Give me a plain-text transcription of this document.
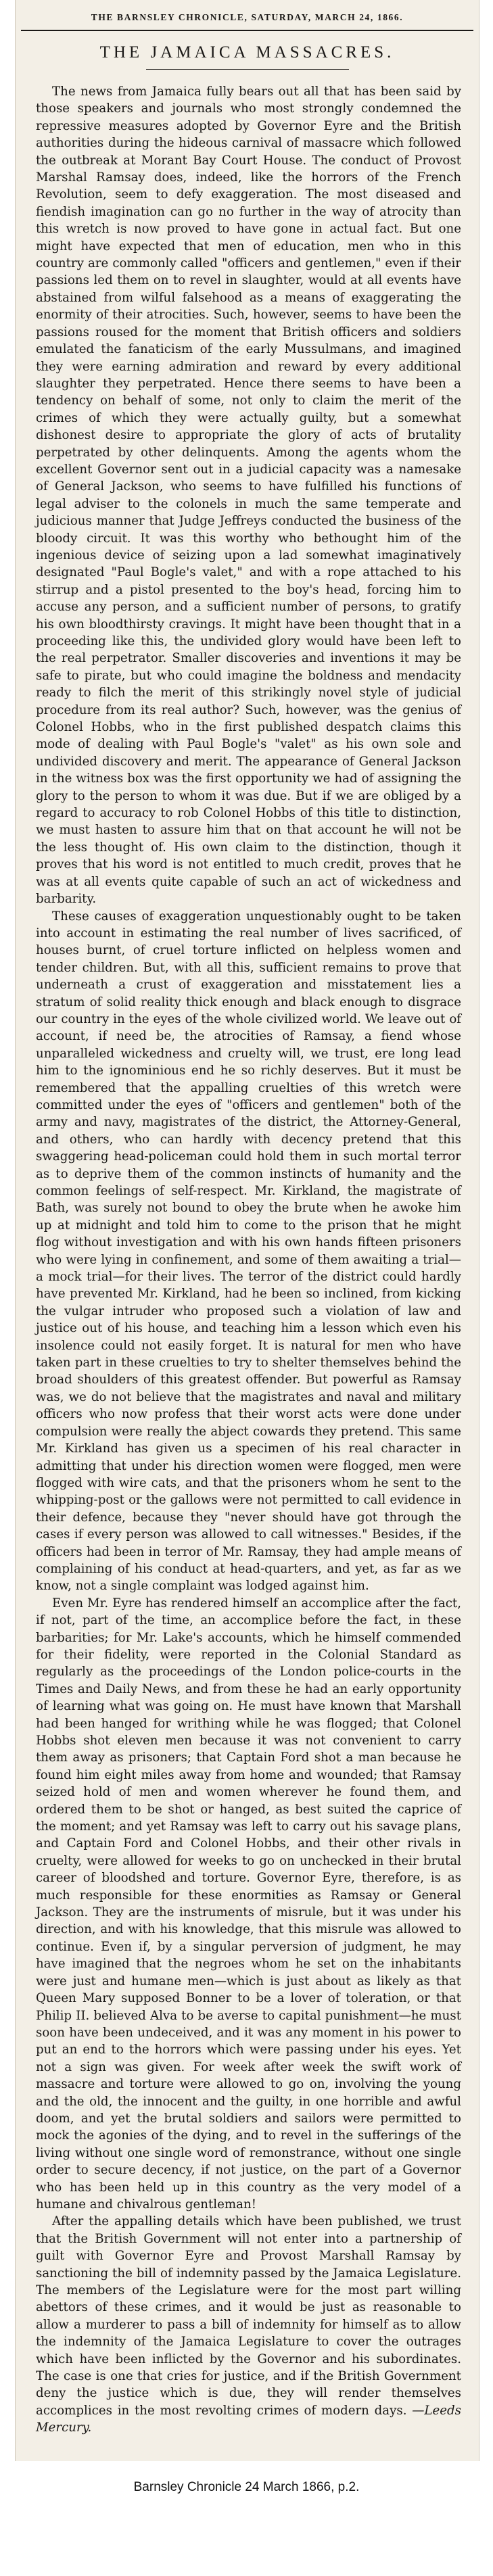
THE BARNSLEY CHRONICLE, SATURDAY, MARCH 24, 1866.
THE JAMAICA MASSACRES.

The news from Jamaica fully bears out all that has been said by those speakers and journals who most strongly condemned the repressive measures adopted by Governor Eyre and the British authorities during the hideous carnival of massacre which followed the outbreak at Morant Bay Court House. The conduct of Provost Marshal Ramsay does, indeed, like the horrors of the French Revolution, seem to defy exaggeration. The most diseased and fiendish imagination can go no further in the way of atrocity than this wretch is now proved to have gone in actual fact. But one might have expected that men of education, men who in this country are commonly called "officers and gentlemen," even if their passions led them on to revel in slaughter, would at all events have abstained from wilful falsehood as a means of exaggerating the enormity of their atrocities. Such, however, seems to have been the passions roused for the moment that British officers and soldiers emulated the fanaticism of the early Mussulmans, and imagined they were earning admiration and reward by every additional slaughter they perpetrated. Hence there seems to have been a tendency on behalf of some, not only to claim the merit of the crimes of which they were actually guilty, but a somewhat dishonest desire to appropriate the glory of acts of brutality perpetrated by other delinquents. Among the agents whom the excellent Governor sent out in a judicial capacity was a namesake of General Jackson, who seems to have fulfilled his functions of legal adviser to the colonels in much the same temperate and judicious manner that Judge Jeffreys conducted the business of the bloody circuit. It was this worthy who bethought him of the ingenious device of seizing upon a lad somewhat imaginatively designated "Paul Bogle's valet," and with a rope attached to his stirrup and a pistol presented to the boy's head, forcing him to accuse any person, and a sufficient number of persons, to gratify his own bloodthirsty cravings. It might have been thought that in a proceeding like this, the undivided glory would have been left to the real perpetrator. Smaller discoveries and inventions it may be safe to pirate, but who could imagine the boldness and mendacity ready to filch the merit of this strikingly novel style of judicial procedure from its real author? Such, however, was the genius of Colonel Hobbs, who in the first published despatch claims this mode of dealing with Paul Bogle's "valet" as his own sole and undivided discovery and merit. The appearance of General Jackson in the witness box was the first opportunity we had of assigning the glory to the person to whom it was due. But if we are obliged by a regard to accuracy to rob Colonel Hobbs of this title to distinction, we must hasten to assure him that on that account he will not be the less thought of. His own claim to the distinction, though it proves that his word is not entitled to much credit, proves that he was at all events quite capable of such an act of wickedness and barbarity.

These causes of exaggeration unquestionably ought to be taken into account in estimating the real number of lives sacrificed, of houses burnt, of cruel torture inflicted on helpless women and tender children. But, with all this, sufficient remains to prove that underneath a crust of exaggeration and misstatement lies a stratum of solid reality thick enough and black enough to disgrace our country in the eyes of the whole civilized world. We leave out of account, if need be, the atrocities of Ramsay, a fiend whose unparalleled wickedness and cruelty will, we trust, ere long lead him to the ignominious end he so richly deserves. But it must be remembered that the appalling cruelties of this wretch were committed under the eyes of "officers and gentlemen" both of the army and navy, magistrates of the district, the Attorney-General, and others, who can hardly with decency pretend that this swaggering head-policeman could hold them in such mortal terror as to deprive them of the common instincts of humanity and the common feelings of self-respect. Mr. Kirkland, the magistrate of Bath, was surely not bound to obey the brute when he awoke him up at midnight and told him to come to the prison that he might flog without investigation and with his own hands fifteen prisoners who were lying in confinement, and some of them awaiting a trial—a mock trial—for their lives. The terror of the district could hardly have prevented Mr. Kirkland, had he been so inclined, from kicking the vulgar intruder who proposed such a violation of law and justice out of his house, and teaching him a lesson which even his insolence could not easily forget. It is natural for men who have taken part in these cruelties to try to shelter themselves behind the broad shoulders of this greatest offender. But powerful as Ramsay was, we do not believe that the magistrates and naval and military officers who now profess that their worst acts were done under compulsion were really the abject cowards they pretend. This same Mr. Kirkland has given us a specimen of his real character in admitting that under his direction women were flogged, men were flogged with wire cats, and that the prisoners whom he sent to the whipping-post or the gallows were not permitted to call evidence in their defence, because they "never should have got through the cases if every person was allowed to call witnesses." Besides, if the officers had been in terror of Mr. Ramsay, they had ample means of complaining of his conduct at head-quarters, and yet, as far as we know, not a single complaint was lodged against him.

Even Mr. Eyre has rendered himself an accomplice after the fact, if not, part of the time, an accomplice before the fact, in these barbarities; for Mr. Lake's accounts, which he himself commended for their fidelity, were reported in the Colonial Standard as regularly as the proceedings of the London police-courts in the Times and Daily News, and from these he had an early opportunity of learning what was going on. He must have known that Marshall had been hanged for writhing while he was flogged; that Colonel Hobbs shot eleven men because it was not convenient to carry them away as prisoners; that Captain Ford shot a man because he found him eight miles away from home and wounded; that Ramsay seized hold of men and women wherever he found them, and ordered them to be shot or hanged, as best suited the caprice of the moment; and yet Ramsay was left to carry out his savage plans, and Captain Ford and Colonel Hobbs, and their other rivals in cruelty, were allowed for weeks to go on unchecked in their brutal career of bloodshed and torture. Governor Eyre, therefore, is as much responsible for these enormities as Ramsay or General Jackson. They are the instruments of misrule, but it was under his direction, and with his knowledge, that this misrule was allowed to continue. Even if, by a singular perversion of judgment, he may have imagined that the negroes whom he set on the inhabitants were just and humane men—which is just about as likely as that Queen Mary supposed Bonner to be a lover of toleration, or that Philip II. believed Alva to be averse to capital punishment—he must soon have been undeceived, and it was any moment in his power to put an end to the horrors which were passing under his eyes. Yet not a sign was given. For week after week the swift work of massacre and torture were allowed to go on, involving the young and the old, the innocent and the guilty, in one horrible and awful doom, and yet the brutal soldiers and sailors were permitted to mock the agonies of the dying, and to revel in the sufferings of the living without one single word of remonstrance, without one single order to secure decency, if not justice, on the part of a Governor who has been held up in this country as the very model of a humane and chivalrous gentleman!

After the appalling details which have been published, we trust that the British Government will not enter into a partnership of guilt with Governor Eyre and Provost Marshall Ramsay by sanctioning the bill of indemnity passed by the Jamaica Legislature. The members of the Legislature were for the most part willing abettors of these crimes, and it would be just as reasonable to allow a murderer to pass a bill of indemnity for himself as to allow the indemnity of the Jamaica Legislature to cover the outrages which have been inflicted by the Governor and his subordinates. The case is one that cries for justice, and if the British Government deny the justice which is due, they will render themselves accomplices in the most revolting crimes of modern days. —Leeds Mercury.

Barnsley Chronicle 24 March 1866, p.2.
